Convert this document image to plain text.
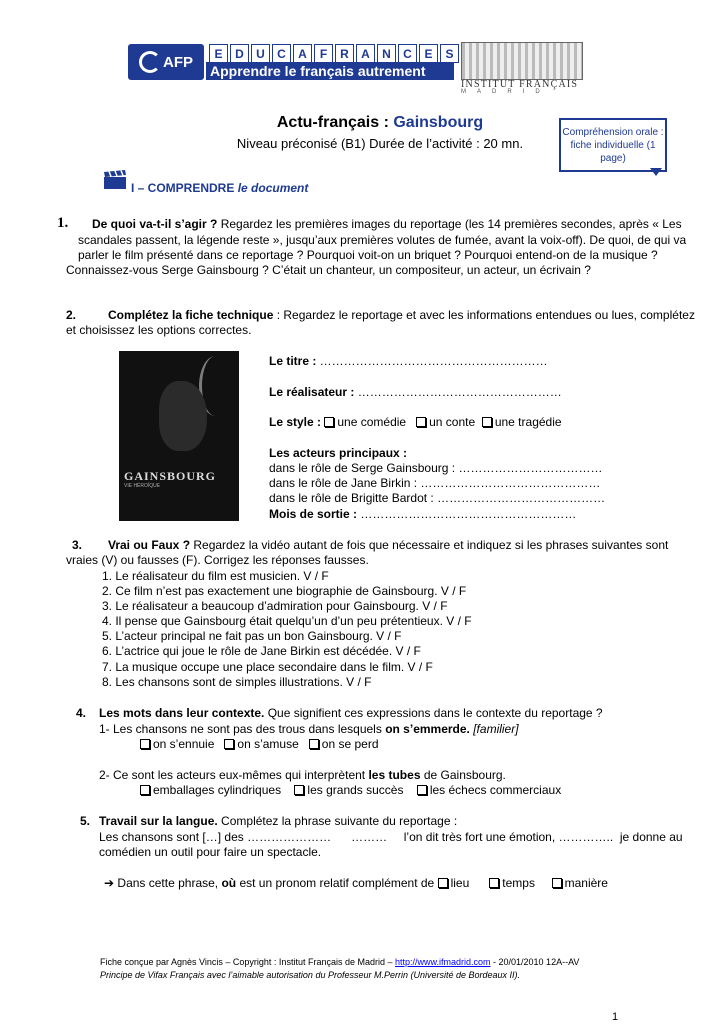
AFP	E	D	U	C	A	F	R	A	N	C	E	S
Apprendre le français autrement
INSTITUT FRANÇAIS
MADRID
Actu-français : Gainsbourg
Niveau préconisé (B1) Durée de l’activité : 20 mn.
Compréhension orale : fiche individuelle (1 page)
I – COMPRENDRE le document
1. De quoi va-t-il s’agir ? Regardez les premières images du reportage (les 14 premières secondes, après « Les
scandales passent, la légende reste », jusqu’aux premières volutes de fumée, avant la voix-off). De quoi, de qui va
parler le film présenté dans ce reportage ? Pourquoi voit-on un briquet ? Pourquoi entend-on de la musique ?
Connaissez-vous Serge Gainsbourg ? C’était un chanteur, un compositeur, un acteur, un écrivain ?
2.	Complétez la fiche technique : Regardez le reportage et avec les informations entendues ou lues, complétez
et choisissez les options correctes.
GAINSBOURG
VIE HÉROÏQUE
Le titre : …………………………………………………
Le réalisateur : ……………………………………………
Le style : une comédie un conte une tragédie
Les acteurs principaux :
dans le rôle de Serge Gainsbourg : ………………………………
dans le rôle de Jane Birkin : ………………………………………
dans le rôle de Brigitte Bardot : ……………………………………
Mois de sortie : ………………………………………………
3. Vrai ou Faux ? Regardez la vidéo autant de fois que nécessaire et indiquez si les phrases suivantes sont
vraies (V) ou fausses (F). Corrigez les réponses fausses.
1. Le réalisateur du film est musicien. V / F
2. Ce film n’est pas exactement une biographie de Gainsbourg. V / F
3. Le réalisateur a beaucoup d’admiration pour Gainsbourg. V / F
4. Il pense que Gainsbourg était quelqu’un d’un peu prétentieux. V / F
5. L’acteur principal ne fait pas un bon Gainsbourg. V / F
6. L’actrice qui joue le rôle de Jane Birkin est décédée. V / F
7. La musique occupe une place secondaire dans le film. V / F
8. Les chansons sont de simples illustrations. V / F
4. Les mots dans leur contexte. Que signifient ces expressions dans le contexte du reportage ?
1- Les chansons ne sont pas des trous dans lesquels on s’emmerde. [familier]
on s’ennuie on s’amuse on se perd
2- Ce sont les acteurs eux-mêmes qui interprètent les tubes de Gainsbourg.
emballages cylindriques les grands succès les échecs commerciaux
5. Travail sur la langue. Complétez la phrase suivante du reportage :
Les chansons sont […] des …………………      ………     l’on dit très fort une émotion, …………..  je donne au
comédien un outil pour faire un spectacle.
➔ Dans cette phrase, où est un pronom relatif complément de lieu	temps manière
Fiche conçue par Agnès Vincis – Copyright : Institut Français de Madrid – http://www.ifmadrid.com - 20/01/2010 12A--AV
Principe de Vifax Français avec l’aimable autorisation du Professeur M.Perrin (Université de Bordeaux II).
1
